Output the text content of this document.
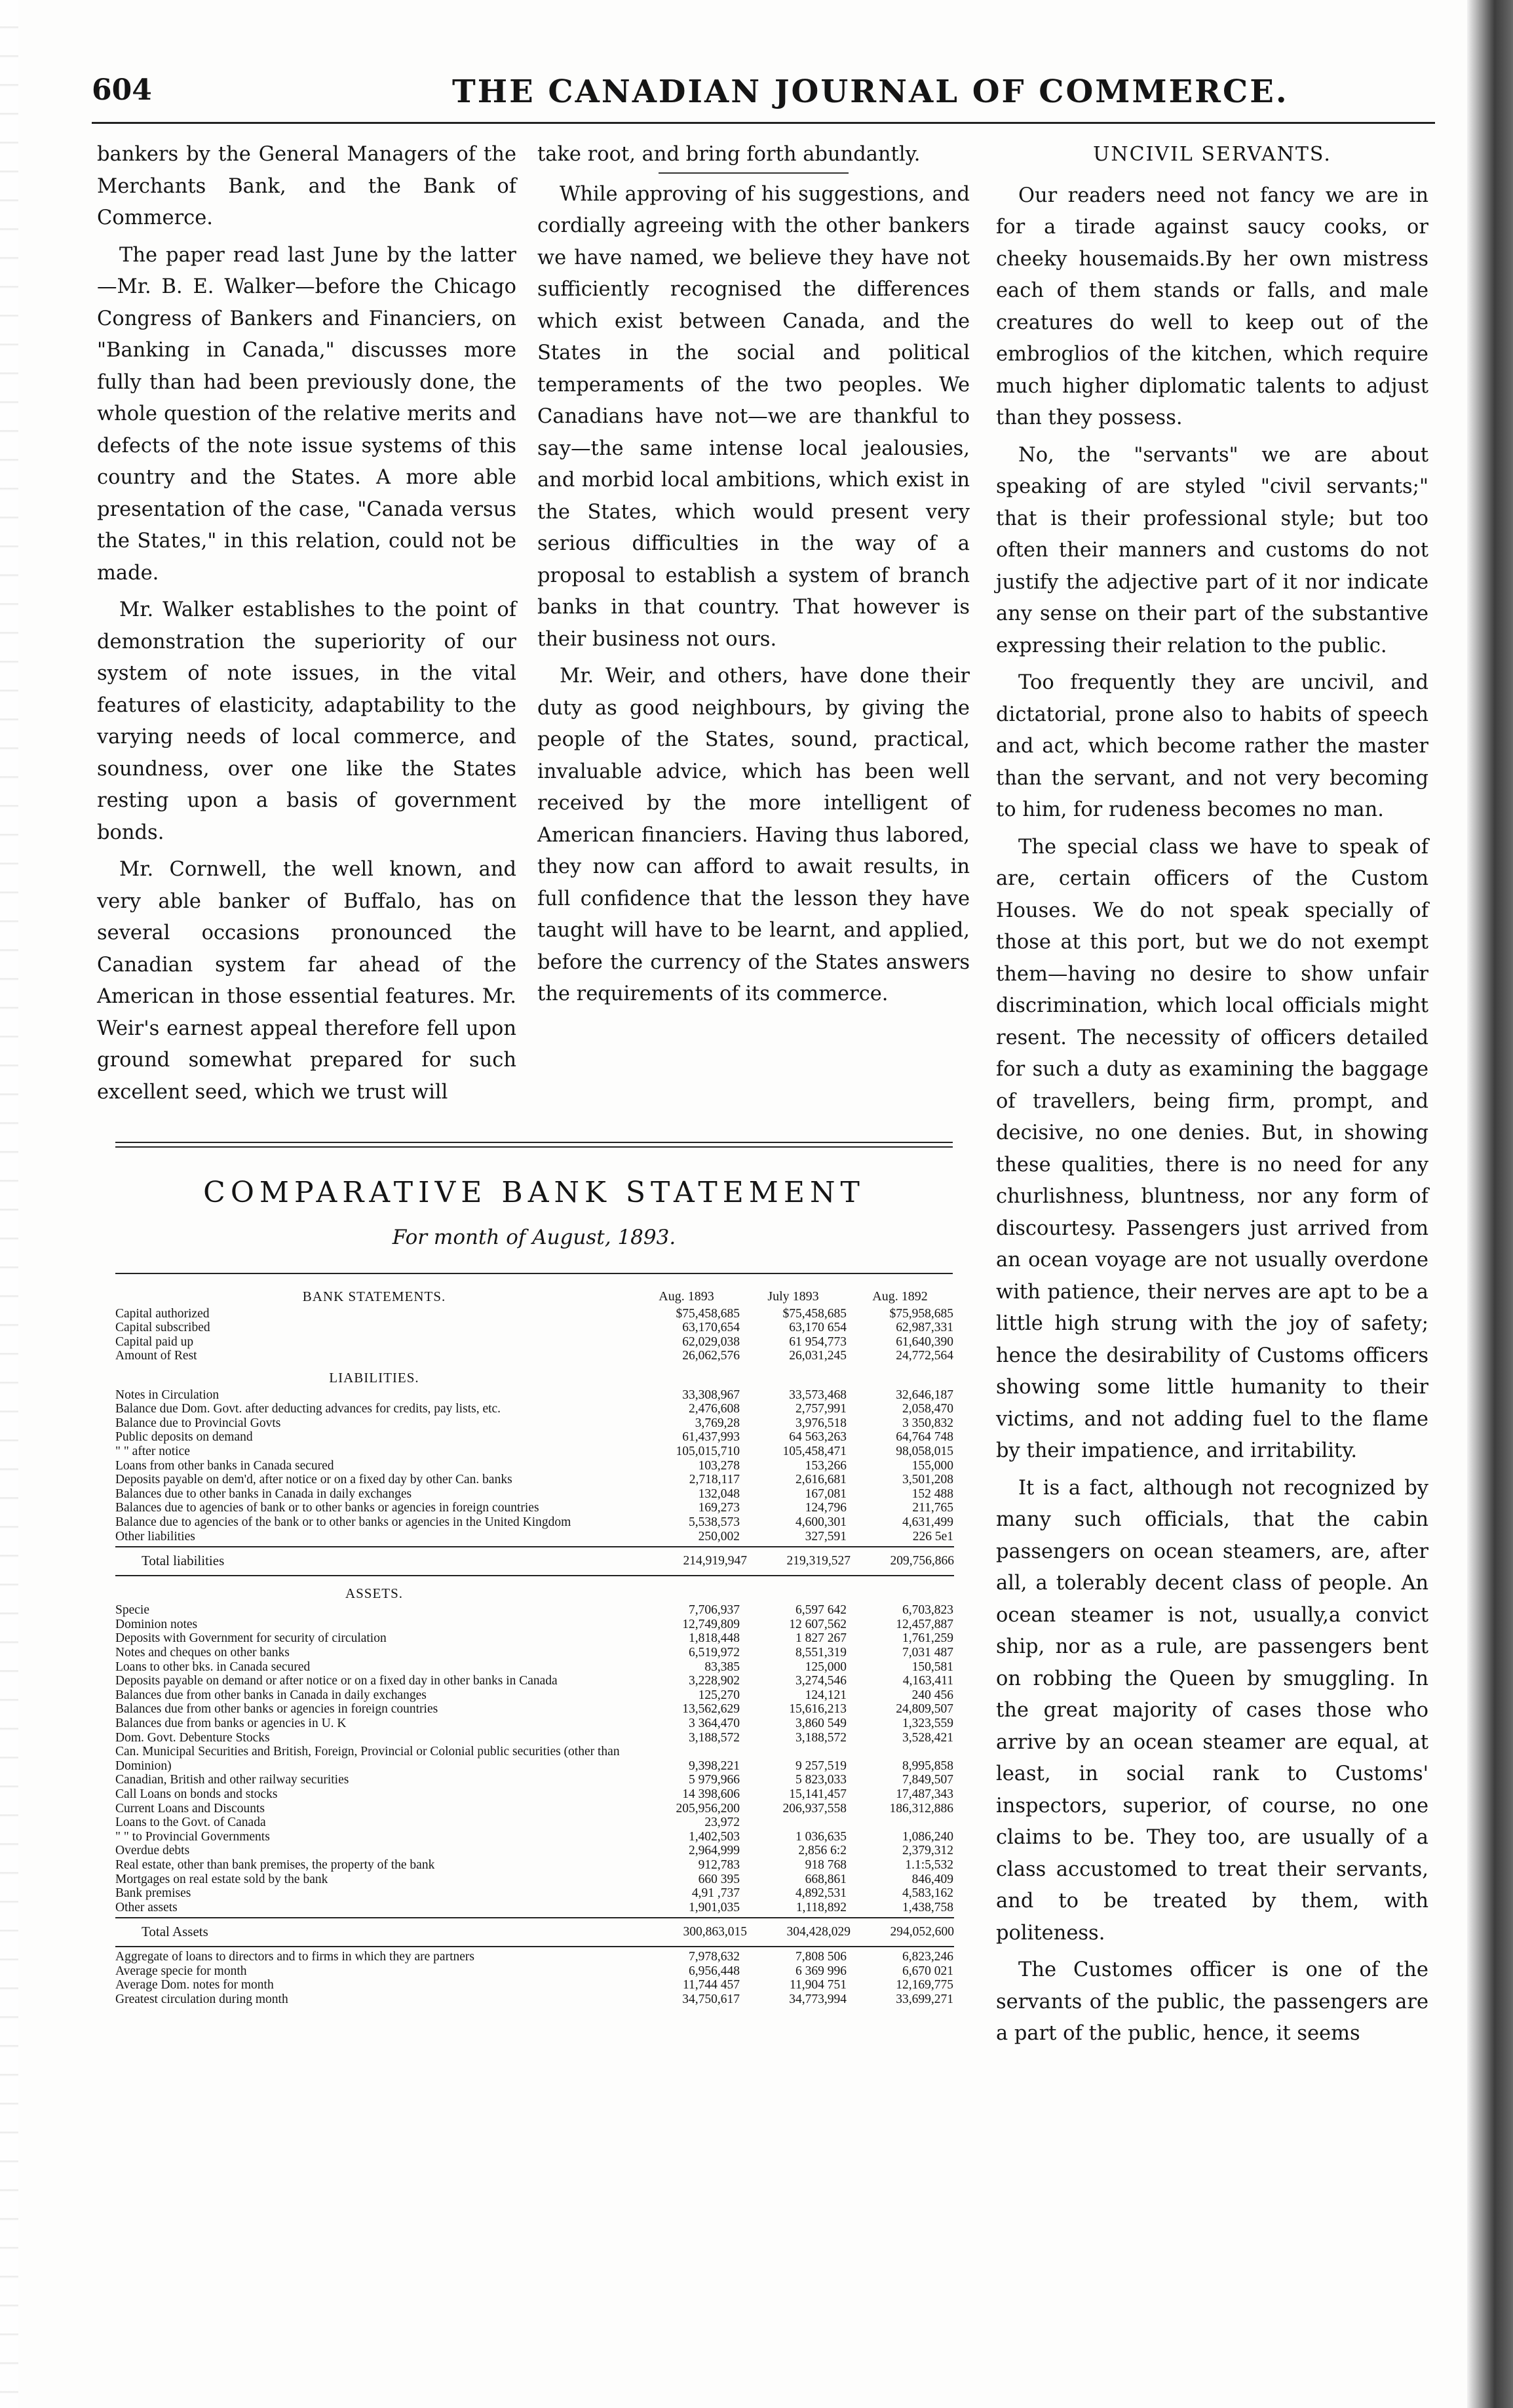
604	THE CANADIAN JOURNAL OF COMMERCE.

bankers by the General Managers of the Merchants Bank, and the Bank of Commerce.

The paper read last June by the latter—Mr. B. E. Walker—before the Chicago Congress of Bankers and Financiers, on "Banking in Canada," discusses more fully than had been previously done, the whole question of the relative merits and defects of the note issue systems of this country and the States. A more able presentation of the case, "Canada versus the States," in this relation, could not be made.

Mr. Walker establishes to the point of demonstration the superiority of our system of note issues, in the vital features of elasticity, adaptability to the varying needs of local commerce, and soundness, over one like the States resting upon a basis of government bonds.

Mr. Cornwell, the well known, and very able banker of Buffalo, has on several occasions pronounced the Canadian system far ahead of the American in those essential features. Mr. Weir's earnest appeal therefore fell upon ground somewhat prepared for such excellent seed, which we trust will

take root, and bring forth abundantly.

While approving of his suggestions, and cordially agreeing with the other bankers we have named, we believe they have not sufficiently recognised the differences which exist between Canada, and the States in the social and political temperaments of the two peoples. We Canadians have not—we are thankful to say—the same intense local jealousies, and morbid local ambitions, which exist in the States, which would present very serious difficulties in the way of a proposal to establish a system of branch banks in that country. That however is their business not ours.

Mr. Weir, and others, have done their duty as good neighbours, by giving the people of the States, sound, practical, invaluable advice, which has been well received by the more intelligent of American financiers. Having thus labored, they now can afford to await results, in full confidence that the lesson they have taught will have to be learnt, and applied, before the currency of the States answers the requirements of its commerce.

UNCIVIL SERVANTS.

Our readers need not fancy we are in for a tirade against saucy cooks, or cheeky housemaids.By her own mistress each of them stands or falls, and male creatures do well to keep out of the embroglios of the kitchen, which require much higher diplomatic talents to adjust than they possess.

No, the "servants" we are about speaking of are styled "civil servants;" that is their professional style; but too often their manners and customs do not justify the adjective part of it nor indicate any sense on their part of the substantive expressing their relation to the public.

Too frequently they are uncivil, and dictatorial, prone also to habits of speech and act, which become rather the master than the servant, and not very becoming to him, for rudeness becomes no man.

The special class we have to speak of are, certain officers of the Custom Houses. We do not speak specially of those at this port, but we do not exempt them—having no desire to show unfair discrimination, which local officials might resent. The necessity of officers detailed for such a duty as examining the baggage of travellers, being firm, prompt, and decisive, no one denies. But, in showing these qualities, there is no need for any churlishness, bluntness, nor any form of discourtesy. Passengers just arrived from an ocean voyage are not usually overdone with patience, their nerves are apt to be a little high strung with the joy of safety; hence the desirability of Customs officers showing some little humanity to their victims, and not adding fuel to the flame by their impatience, and irritability.

It is a fact, although not recognized by many such officials, that the cabin passengers on ocean steamers, are, after all, a tolerably decent class of people. An ocean steamer is not, usually,a convict ship, nor as a rule, are passengers bent on robbing the Queen by smuggling. In the great majority of cases those who arrive by an ocean steamer are equal, at least, in social rank to Customs' inspectors, superior, of course, no one claims to be. They too, are usually of a class accustomed to treat their servants, and to be treated by them, with politeness.

The Customes officer is one of the servants of the public, the passengers are a part of the public, hence, it seems

COMPARATIVE BANK STATEMENT
For month of August, 1893.
BANK STATEMENTS.	Aug. 1893	July 1893	Aug. 1892
Capital authorized	$75,458,685	$75,458,685	$75,958,685
Capital subscribed	63,170,654	63,170 654	62,987,331
Capital paid up	62,029,038	61 954,773	61,640,390
Amount of Rest	26,062,576	26,031,245	24,772,564
LIABILITIES.
Notes in Circulation	33,308,967	33,573,468	32,646,187
Balance due Dom. Govt. after deducting advances for credits, pay lists, etc.	2,476,608	2,757,991	2,058,470
Balance due to Provincial Govts	3,769,28	3,976,518	3 350,832
Public deposits on demand	61,437,993	64 563,263	64,764 748
" " after notice	105,015,710	105,458,471	98,058,015
Loans from other banks in Canada secured	103,278	153,266	155,000
Deposits payable on dem'd, after notice or on a fixed day by other Can. banks	2,718,117	2,616,681	3,501,208
Balances due to other banks in Canada in daily exchanges	132,048	167,081	152 488
Balances due to agencies of bank or to other banks or agencies in foreign countries	169,273	124,796	211,765
Balance due to agencies of the bank or to other banks or agencies in the United Kingdom	5,538,573	4,600,301	4,631,499
Other liabilities	250,002	327,591	226 5e1
Total liabilities	214,919,947	219,319,527	209,756,866
ASSETS.
Specie	7,706,937	6,597 642	6,703,823
Dominion notes	12,749,809	12 607,562	12,457,887
Deposits with Government for security of circulation	1,818,448	1 827 267	1,761,259
Notes and cheques on other banks	6,519,972	8,551,319	7,031 487
Loans to other bks. in Canada secured	83,385	125,000	150,581
Deposits payable on demand or after notice or on a fixed day in other banks in Canada	3,228,902	3,274,546	4,163,411
Balances due from other banks in Canada in daily exchanges	125,270	124,121	240 456
Balances due from other banks or agencies in foreign countries	13,562,629	15,616,213	24,809,507
Balances due from banks or agencies in U. K	3 364,470	3,860 549	1,323,559
Dom. Govt. Debenture Stocks	3,188,572	3,188,572	3,528,421
Can. Municipal Securities and British, Foreign, Provincial or Colonial public securities (other than Dominion)	9,398,221	9 257,519	8,995,858
Canadian, British and other railway securities	5 979,966	5 823,033	7,849,507
Call Loans on bonds and stocks	14 398,606	15,141,457	17,487,343
Current Loans and Discounts	205,956,200	206,937,558	186,312,886
Loans to the Govt. of Canada	23,972
" " to Provincial Governments	1,402,503	1 036,635	1,086,240
Overdue debts	2,964,999	2,856 6:2	2,379,312
Real estate, other than bank premises, the property of the bank	912,783	918 768	1.1:5,532
Mortgages on real estate sold by the bank	660 395	668,861	846,409
Bank premises	4,91 ,737	4,892,531	4,583,162
Other assets	1,901,035	1,118,892	1,438,758
Total Assets	300,863,015	304,428,029	294,052,600
Aggregate of loans to directors and to firms in which they are partners	7,978,632	7,808 506	6,823,246
Average specie for month	6,956,448	6 369 996	6,670 021
Average Dom. notes for month	11,744 457	11,904 751	12,169,775
Greatest circulation during month	34,750,617	34,773,994	33,699,271
